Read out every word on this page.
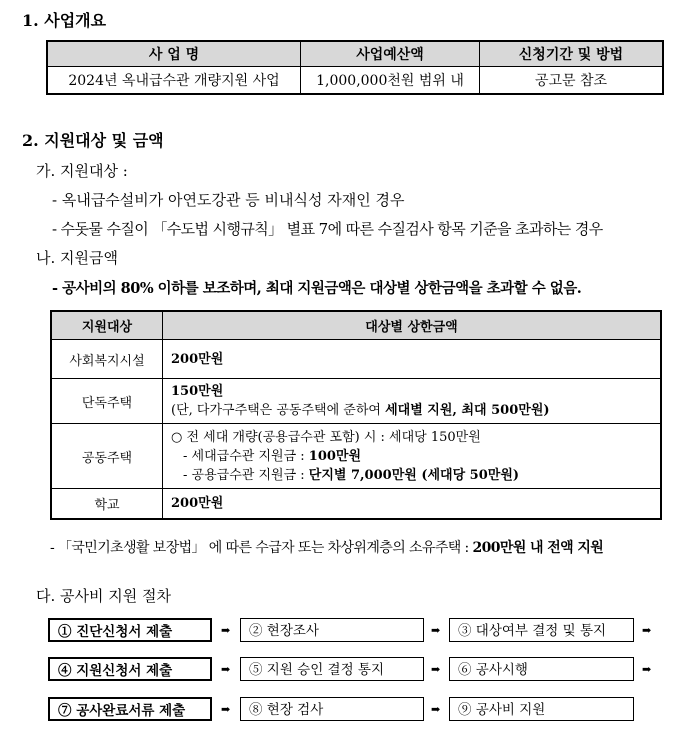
1. 사업개요
사 업 명	사업예산액	신청기간 및 방법
2024년 옥내급수관 개량지원 사업	1,000,000천원 범위 내	공고문 참조
2. 지원대상 및 금액
가. 지원대상 :
- 옥내급수설비가 아연도강관 등 비내식성 자재인 경우
- 수돗물 수질이 「수도법 시행규칙」 별표 7에 따른 수질검사 항목 기준을 초과하는 경우
나. 지원금액
- 공사비의 80% 이하를 보조하며, 최대 지원금액은 대상별 상한금액을 초과할 수 없음.
지원대상	대상별 상한금액
사회복지시설	200만원
단독주택	150만원
(단, 다가구주택은 공동주택에 준하여 세대별 지원, 최대 500만원)

공동주택	○ 전 세대 개량(공용급수관 포함) 시 : 세대당 150만원
- 세대급수관 지원금 : 100만원
- 공용급수관 지원금 : 단지별 7,000만원 (세대당 50만원)

학교	200만원
- 「국민기초생활 보장법」 에 따른 수급자 또는 차상위계층의 소유주택 : 200만원 내 전액 지원
다. 공사비 지원 절차
① 진단신청서 제출	➡	② 현장조사	➡	③ 대상여부 결정 및 통지	➡
④ 지원신청서 제출	➡	⑤ 지원 승인 결정 통지	➡	⑥ 공사시행	➡
⑦ 공사완료서류 제출	➡	⑧ 현장 검사	➡	⑨ 공사비 지원
